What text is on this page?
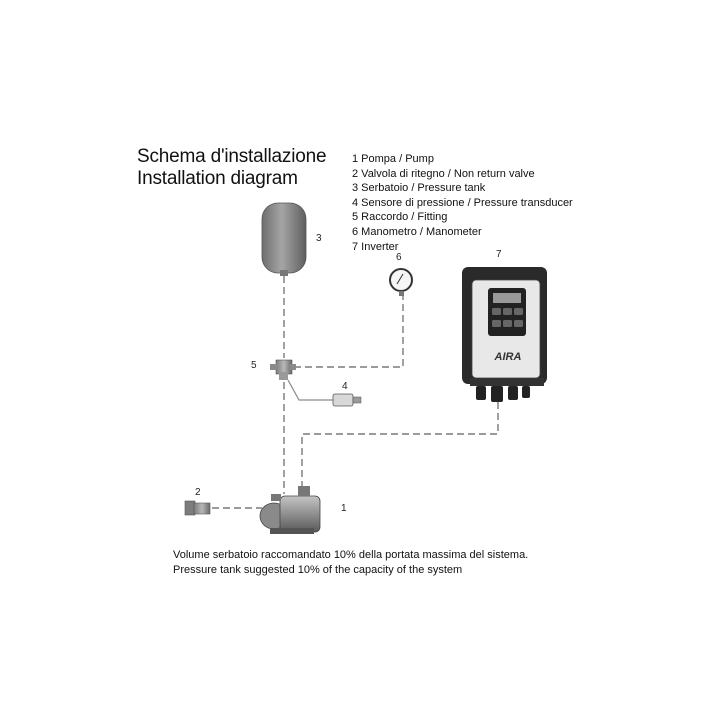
Schema d'installazione
Installation diagram
1 Pompa / Pump
2 Valvola di ritegno / Non return valve
3 Serbatoio / Pressure tank
4 Sensore di pressione / Pressure transducer
5 Raccordo / Fitting
6 Manometro / Manometer
7 Inverter
AIRA
3
6	7
5
4
2
1
Volume serbatoio raccomandato 10% della portata massima del sistema.
Pressure tank suggested 10% of the capacity of the system
